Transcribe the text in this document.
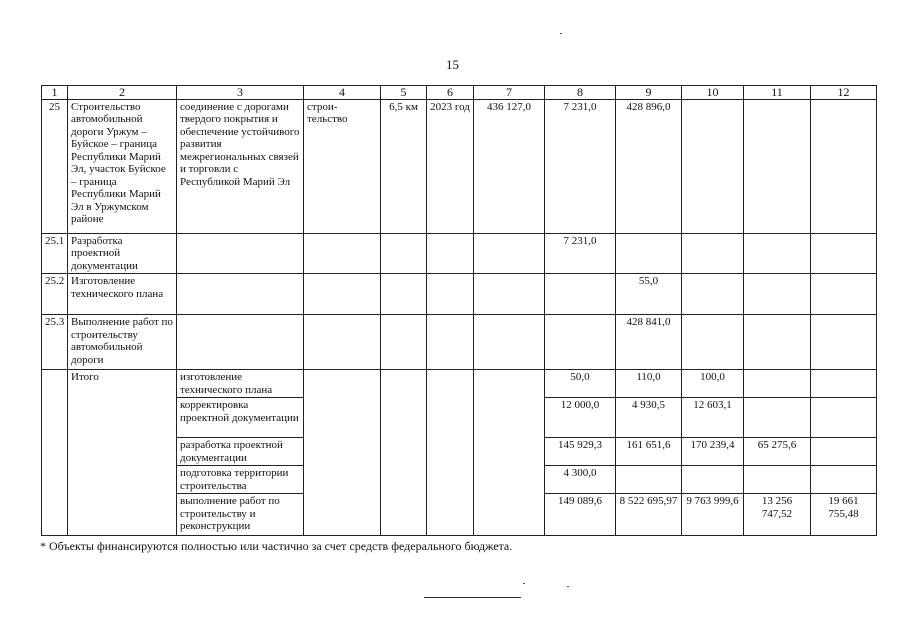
15
1	2	3	4	5	6	7	8	9	10	11	12
25	Строительство автомобильной дороги Уржум – Буйское – граница Республики Марий Эл, участок Буйское – граница Республики Марий Эл в Уржумском районе	соединение с дорогами твердого покрытия и обеспечение устойчивого развития межрегиональных связей и торговли с Республикой Марий Эл	строи- тельство	6,5 км	2023 год	436 127,0	7 231,0	428 896,0			
25.1	Разработка проектной документации						7 231,0				
25.2	Изготовление технического плана							55,0			
25.3	Выполнение работ по строительству автомобильной дороги							428 841,0			
	Итого	изготовление технического плана					50,0	110,0	100,0		
		корректировка проектной документации					12 000,0	4 930,5	12 603,1		
		разработка проектной документации					145 929,3	161 651,6	170 239,4	65 275,6	
		подготовка территории строительства					4 300,0				
		выполнение работ по строительству и реконструкции					149 089,6	8 522 695,97	9 763 999,6	13 256 747,52	19 661 755,48
* Объекты финансируются полностью или частично за счет средств федерального бюджета.
